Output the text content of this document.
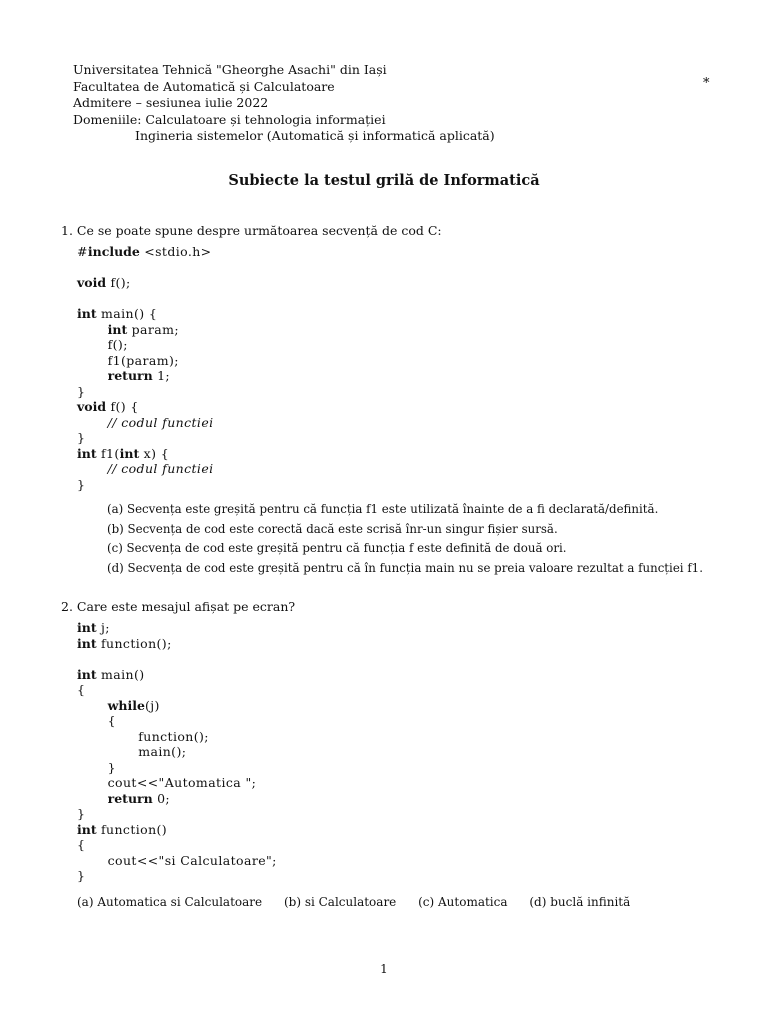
Universitatea Tehnică "Gheorghe Asachi" din Iași
Facultatea de Automatică și Calculatoare
Admitere – sesiunea iulie 2022
Domeniile: Calculatoare și tehnologia informației
Ingineria sistemelor (Automatică și informatică aplicată)
*
Subiecte la testul grilă de Informatică
1. Ce se poate spune despre următoarea secvență de cod C:
#include <stdio.h>

void f();

int main() {
int param;
f();
f1(param);
return 1;
}
void f() {
// codul functiei
}
int f1(int x) {
// codul functiei
}
(a) Secvența este greșită pentru că funcția f1 este utilizată înainte de a fi declarată/definită.
(b) Secvența de cod este corectă dacă este scrisă înr-un singur fișier sursă.
(c) Secvența de cod este greșită pentru că funcția f este definită de două ori.
(d) Secvența de cod este greșită pentru că în funcția main nu se preia valoare rezultat a funcției f1.
2. Care este mesajul afișat pe ecran?
int j;
int function();

int main()
{
while(j)
{
function();
main();
}
cout<<"Automatica ";
return 0;
}
int function()
{
cout<<"si Calculatoare";
}
(a) Automatica si Calculatoare (b) si Calculatoare (c) Automatica (d) buclă infinită
1
